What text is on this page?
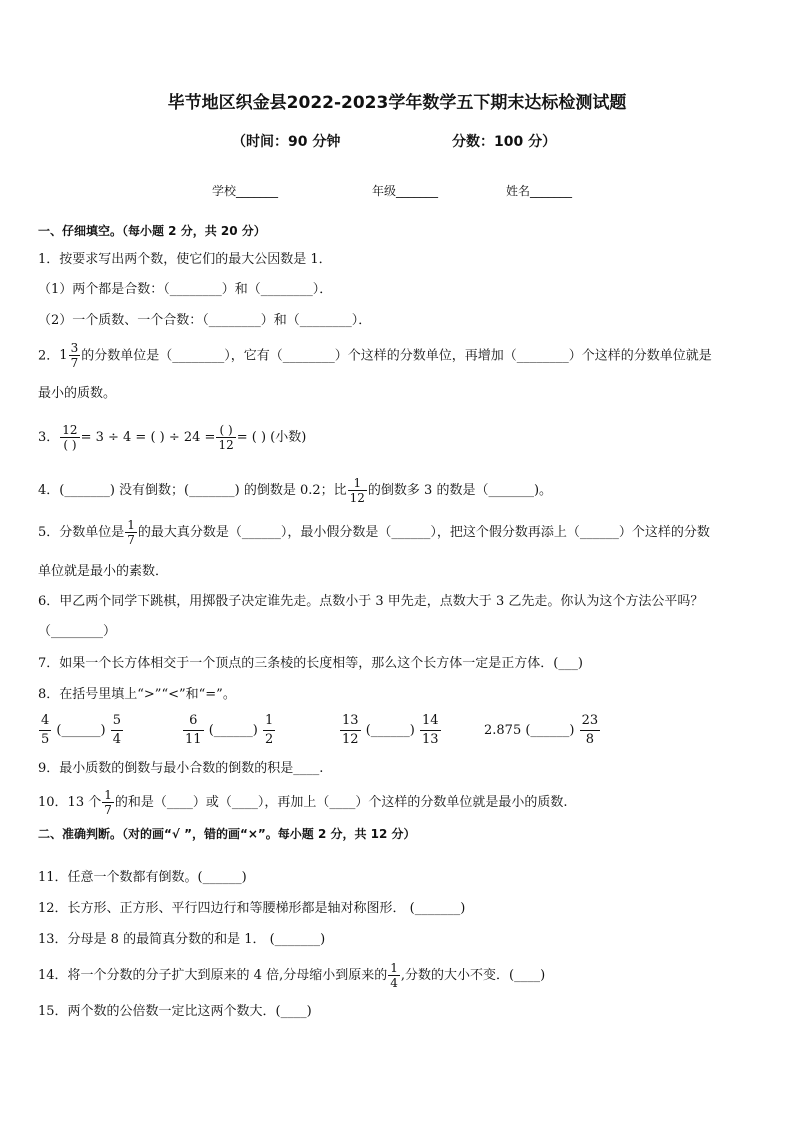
毕节地区织金县2022-2023学年数学五下期末达标检测试题
（时间：90 分钟	分数：100 分）
学校_______	年级_______	姓名_______
一、仔细填空。（每小题 2 分，共 20 分）
1．按要求写出两个数，使它们的最大公因数是 1．
（1）两个都是合数：（________）和（________）．
（2）一个质数、一个合数：（________）和（________）．
2．$1 \frac{3}{7}$ 的分数单位是（________），它有（________）个这样的分数单位，再增加（________）个这样的分数单位就是
最小的质数。
3． $\frac{12}{( )} = 3 \div 4$ = ( ) ÷ $24 = \frac{( )}{12}$ = ( ) (小数)
4．(_______) 没有倒数；(_______) 的倒数是 0.2；比 $\frac{1}{12}$ 的倒数多 3 的数是（_______)。
5．分数单位是 $\frac{1}{7}$ 的最大真分数是（______），最小假分数是（______），把这个假分数再添上（______）个这样的分数
单位就是最小的素数．
6．甲乙两个同学下跳棋，用掷骰子决定谁先走。点数小于 3 甲先走，点数大于 3 乙先走。你认为这个方法公平吗？
（________）
7．如果一个长方体相交于一个顶点的三条棱的长度相等，那么这个长方体一定是正方体．(___)
8．在括号里填上“>”“<”和“=”。
$\frac{4}{5}$ (______) $\frac{5}{4}$	$\frac{6}{11}$ (______) $\frac{1}{2}$	$\frac{13}{12}$ (______) $\frac{14}{13}$	2.875 (______) $\frac{23}{8}$
9．最小质数的倒数与最小合数的倒数的积是____.
10．13 个 $\frac{1}{7}$ 的和是（____）或（____），再加上（____）个这样的分数单位就是最小的质数.
二、准确判断。（对的画“√ ”，错的画“×”。每小题 2 分，共 12 分）
11．任意一个数都有倒数。(______)
12．长方形、正方形、平行四边行和等腰梯形都是轴对称图形． (_______)
13．分母是 8 的最简真分数的和是 1． (_______)
14．将一个分数的分子扩大到原来的 4 倍,分母缩小到原来的 $\frac{1}{4}$ ,分数的大小不变．(____)
15．两个数的公倍数一定比这两个数大．(____)
